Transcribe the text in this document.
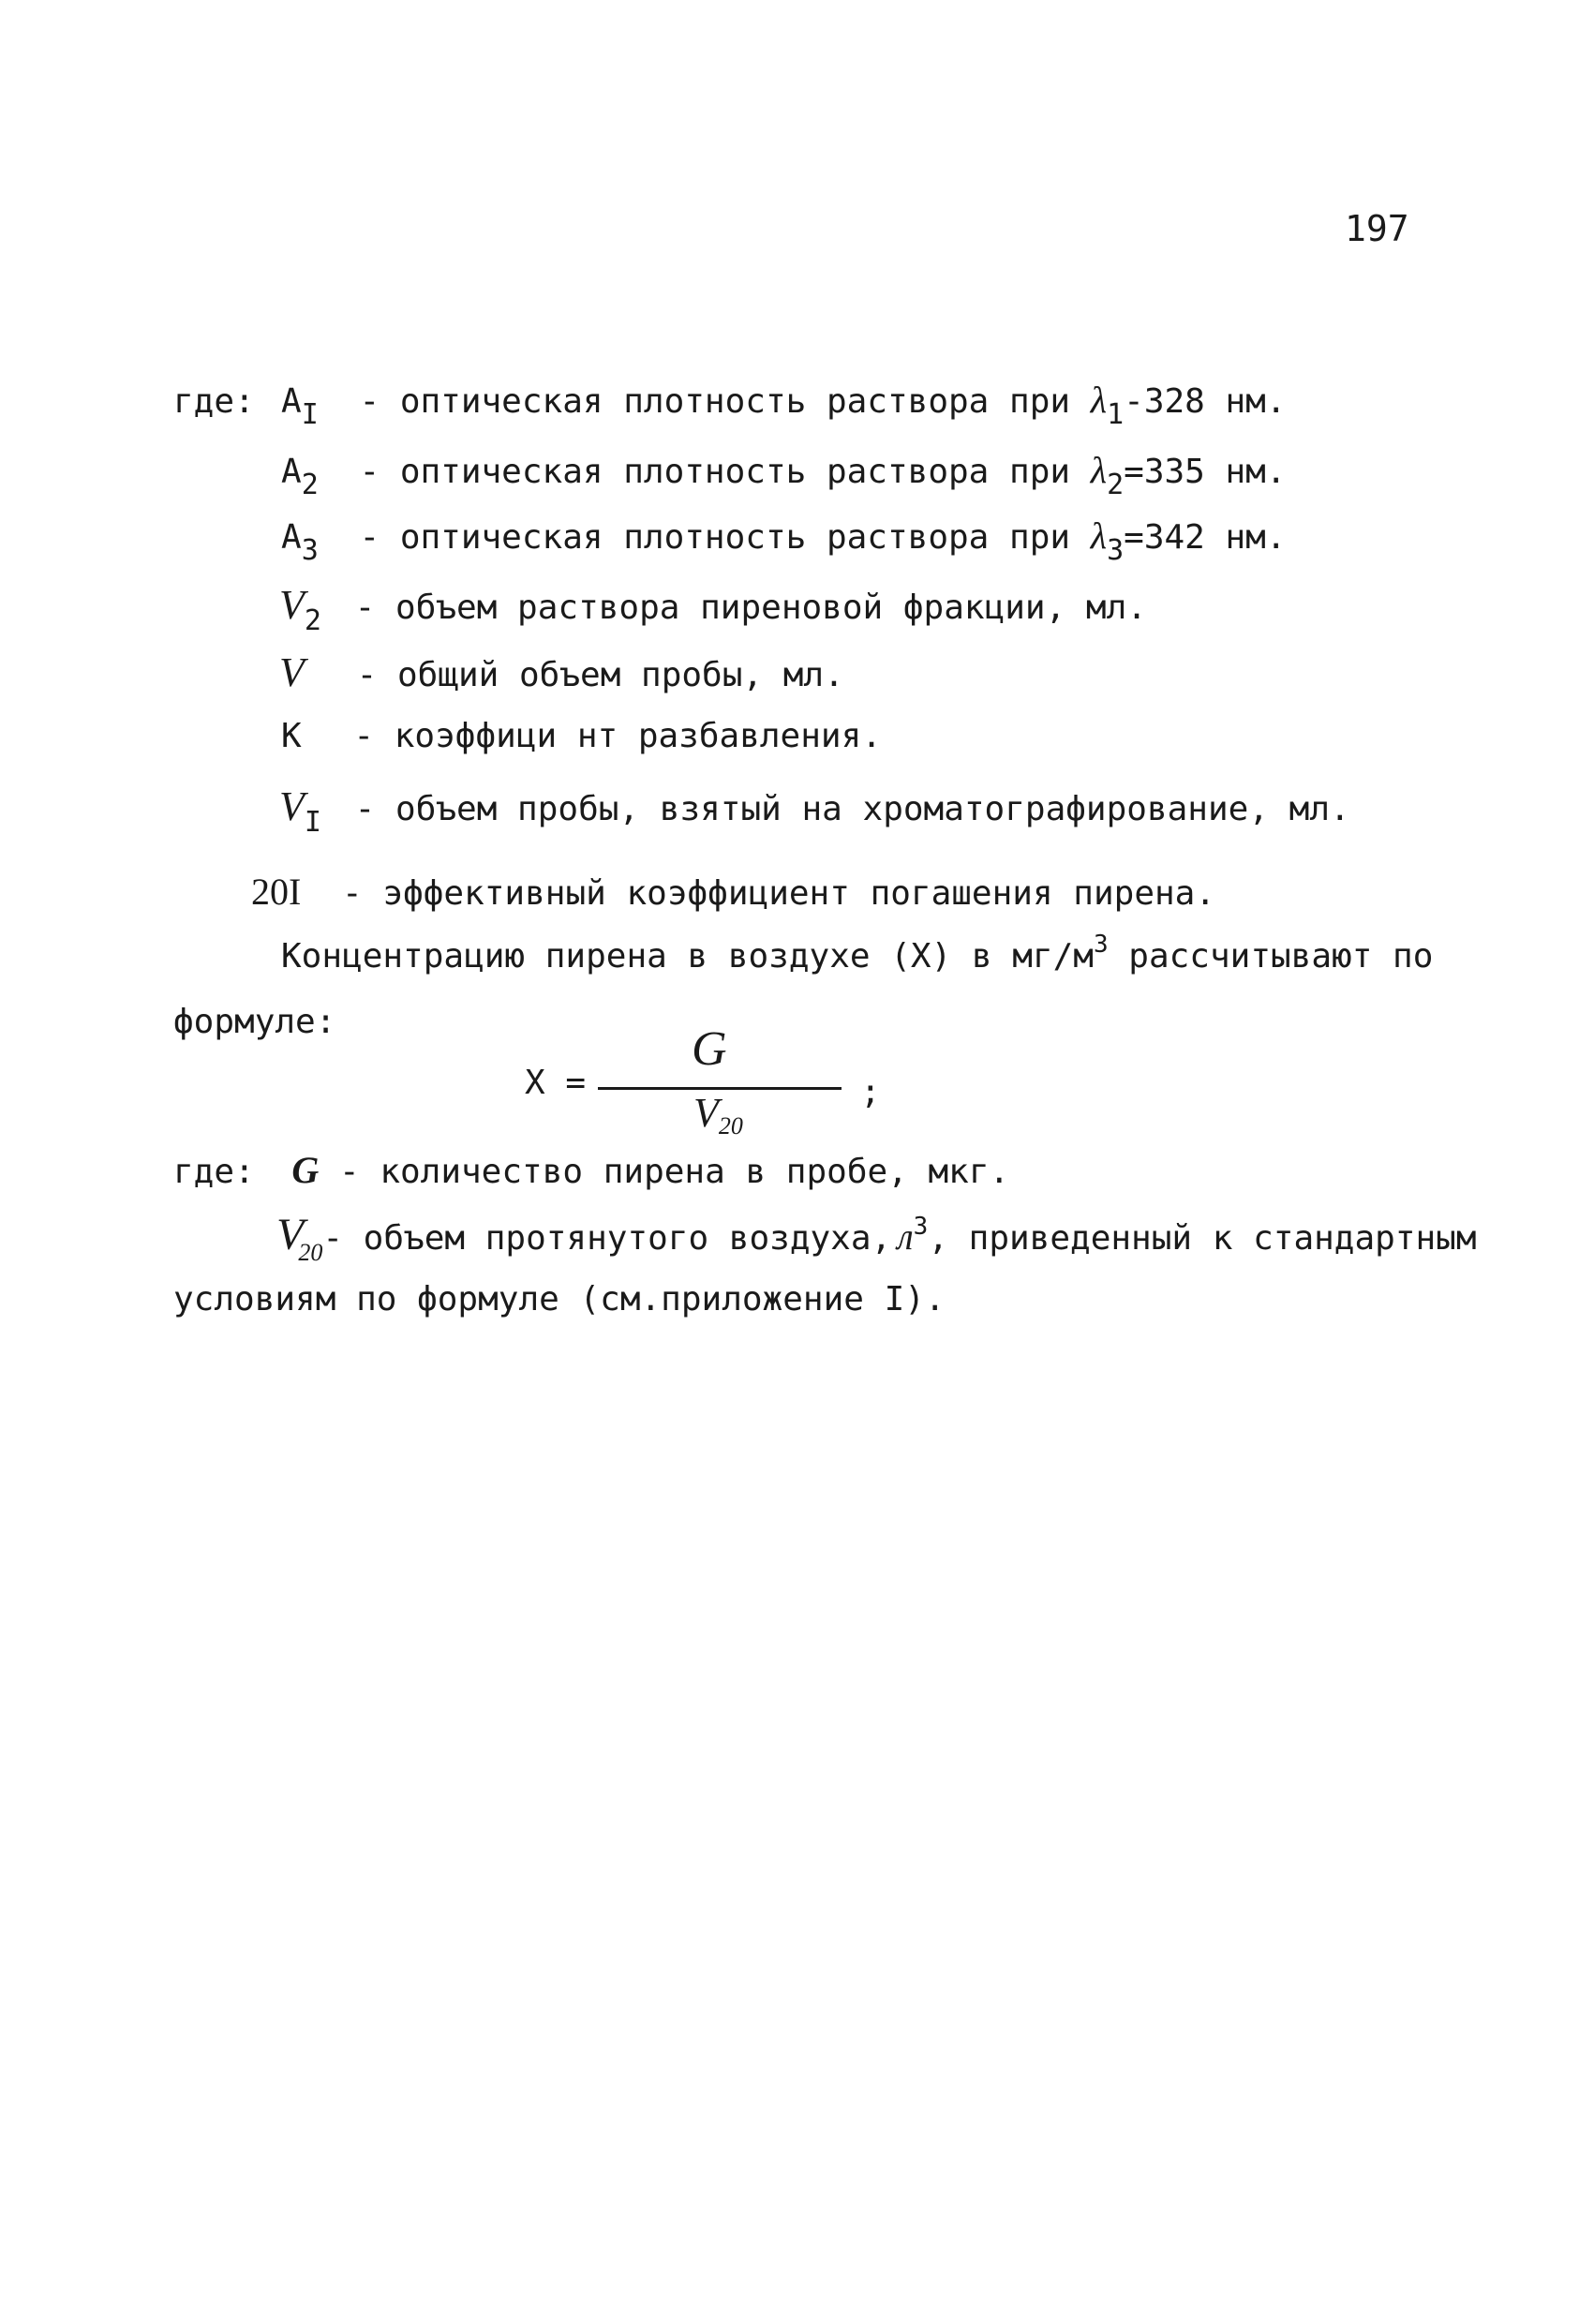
197
где: $A_I$ - оптическая плотность раствора при $\lambda_1-328$ нм.
$A_2$ - оптическая плотность раствора при $\lambda_2=335$ нм.
$A_3$ - оптическая плотность раствора при $\lambda_3=342$ нм.
$V_2$ - объем раствора пиреновой фракции, мл.
V - общий объем пробы, мл.
К - коэффици нт разбавления.
$V_I$ - объем пробы, взятый на хроматографирование, мл.
20I - эффективный коэффициент погашения пирена.
Концентрацию пирена в воздухе (X) в $мг/м^3$ рассчитывают по
формуле:
X =
G
V20
;
где: G - количество пирена в пробе, мкг.
$V_{20}-$ объем протянутого воздуха, $л^3$, приведенный к стандартным
условиям по формуле (см.приложение I).
